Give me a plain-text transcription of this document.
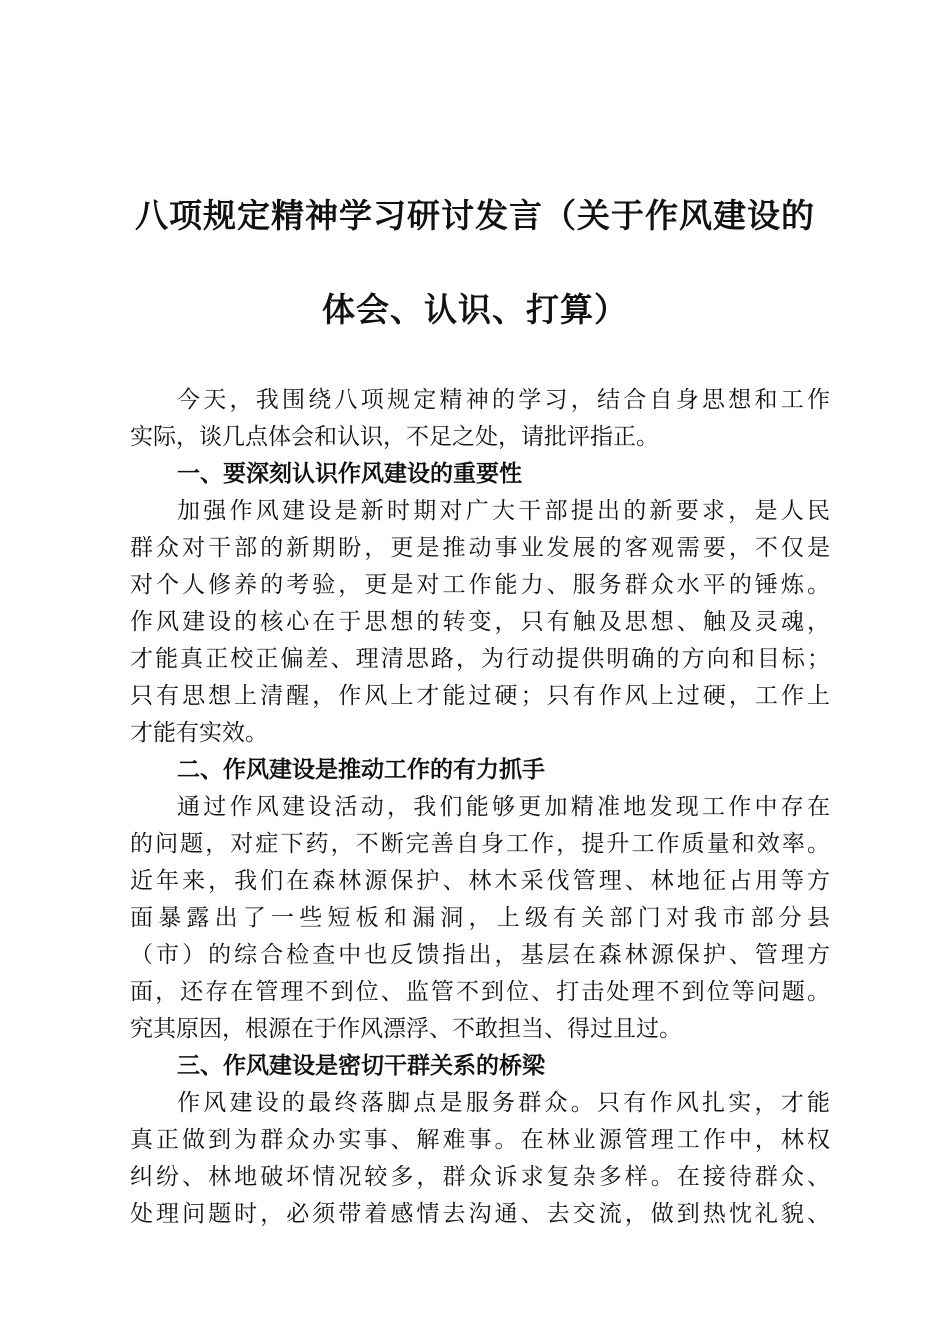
八项规定精神学习研讨发言（关于作风建设的
体会、认识、打算）
今天，我围绕八项规定精神的学习，结合自身思想和工作
实际，谈几点体会和认识，不足之处，请批评指正。
一、要深刻认识作风建设的重要性
加强作风建设是新时期对广大干部提出的新要求，是人民
群众对干部的新期盼，更是推动事业发展的客观需要，不仅是
对个人修养的考验，更是对工作能力、服务群众水平的锤炼。
作风建设的核心在于思想的转变，只有触及思想、触及灵魂，
才能真正校正偏差、理清思路，为行动提供明确的方向和目标；
只有思想上清醒，作风上才能过硬；只有作风上过硬，工作上
才能有实效。
二、作风建设是推动工作的有力抓手
通过作风建设活动，我们能够更加精准地发现工作中存在
的问题，对症下药，不断完善自身工作，提升工作质量和效率。
近年来，我们在森林源保护、林木采伐管理、林地征占用等方
面暴露出了一些短板和漏洞，上级有关部门对我市部分县
（市）的综合检查中也反馈指出，基层在森林源保护、管理方
面，还存在管理不到位、监管不到位、打击处理不到位等问题。
究其原因，根源在于作风漂浮、不敢担当、得过且过。
三、作风建设是密切干群关系的桥梁
作风建设的最终落脚点是服务群众。只有作风扎实，才能
真正做到为群众办实事、解难事。在林业源管理工作中，林权
纠纷、林地破坏情况较多，群众诉求复杂多样。在接待群众、
处理问题时，必须带着感情去沟通、去交流，做到热忱礼貌、
